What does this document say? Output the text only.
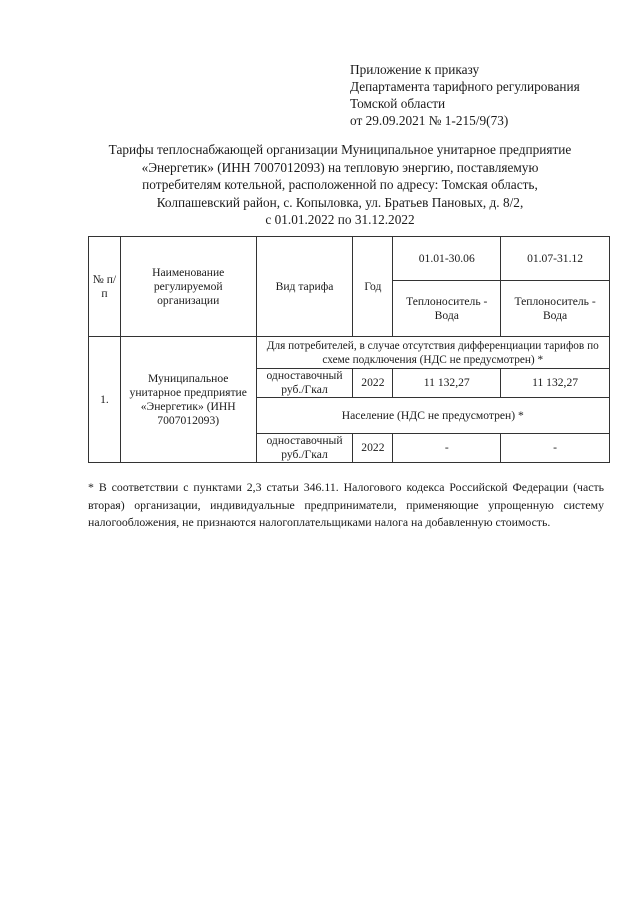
Приложение к приказу
Департамента тарифного регулирования
Томской области
от 29.09.2021 № 1-215/9(73)
Тарифы теплоснабжающей организации Муниципальное унитарное предприятие
«Энергетик» (ИНН 7007012093) на тепловую энергию, поставляемую
потребителям котельной, расположенной по адресу: Томская область,
Колпашевский район, с. Копыловка, ул. Братьев Пановых, д. 8/2,
с 01.01.2022 по 31.12.2022
№ п/п	Наименование регулируемой организации	Вид тарифа	Год	01.01-30.06	01.07-31.12
				Теплоноситель - Вода	Теплоноситель - Вода
1.	Муниципальное унитарное предприятие «Энергетик» (ИНН 7007012093)	Для потребителей, в случае отсутствия дифференциации тарифов по схеме подключения (НДС не предусмотрен) *			
		одноставочный руб./Гкал	2022	11 132,27	11 132,27
		Население (НДС не предусмотрен) *			
		одноставочный руб./Гкал	2022	-	-
* В соответствии с пунктами 2,3 статьи 346.11. Налогового кодекса Российской Федерации (часть вторая) организации, индивидуальные предприниматели, применяющие упрощенную систему налогообложения, не признаются налогоплательщиками налога на добавленную стоимость.
